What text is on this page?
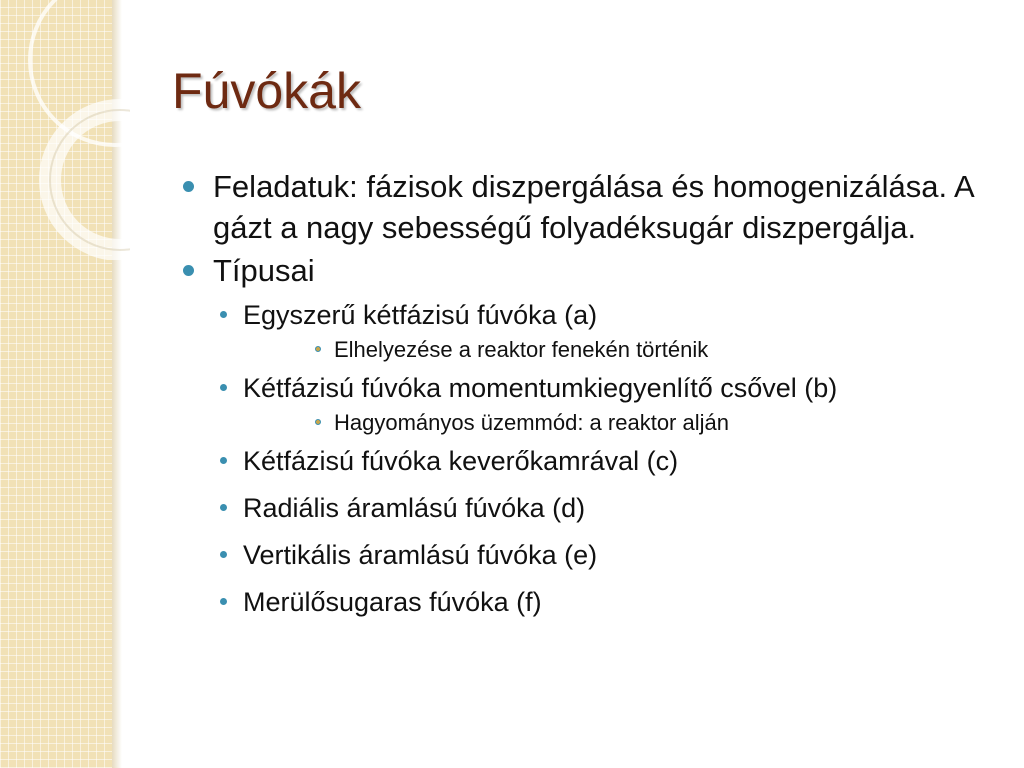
Fúvókák
Feladatuk: fázisok diszpergálása és homogenizálása. A gázt a nagy sebességű folyadéksugár diszpergálja.
Típusai
Egyszerű kétfázisú fúvóka (a)
Elhelyezése a reaktor fenekén történik
Kétfázisú fúvóka momentumkiegyenlítő csővel (b)
Hagyományos üzemmód: a reaktor alján
Kétfázisú fúvóka keverőkamrával (c)
Radiális áramlású fúvóka (d)
Vertikális áramlású fúvóka (e)
Merülősugaras fúvóka (f)
